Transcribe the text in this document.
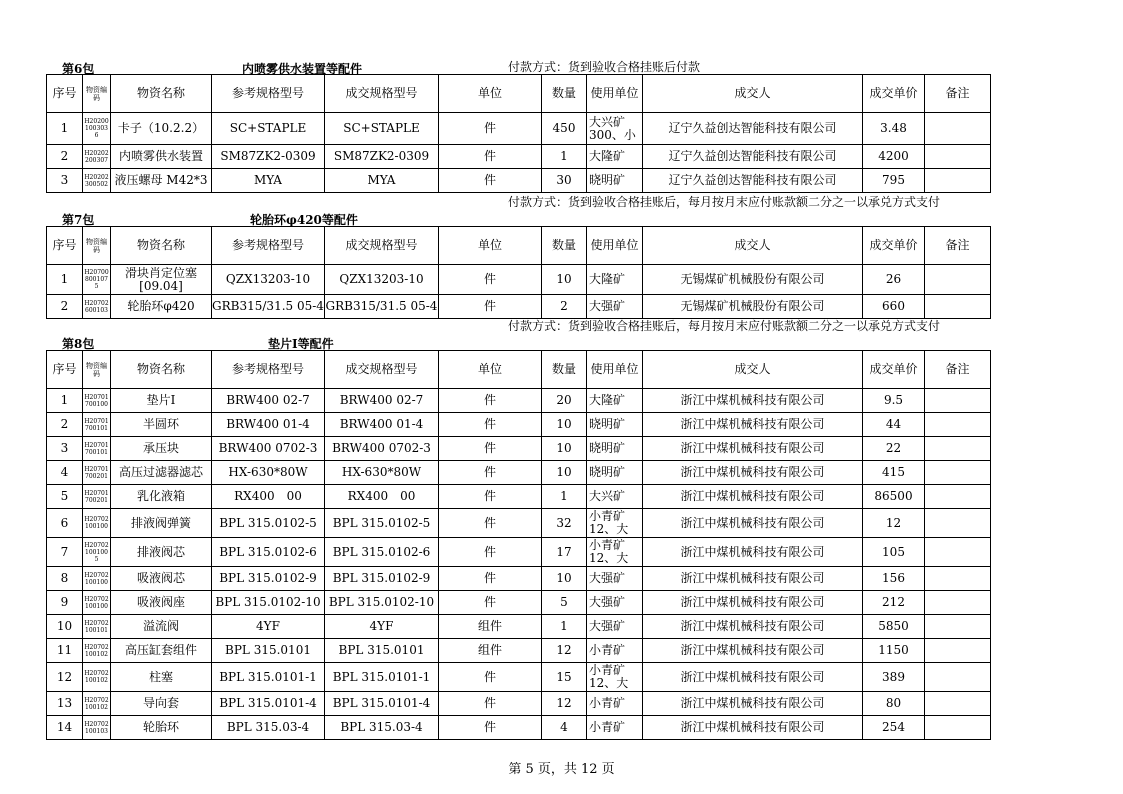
第6包	内喷雾供水装置等配件	付款方式：货到验收合格挂账后付款
序号	物资编码	物资名称	参考规格型号	成交规格型号	单位	数量	使用单位	成交人	成交单价	备注
1	H20200100303 6	卡子（10.2.2）	SC+STAPLE	SC+STAPLE	件	450	大兴矿 300、小	辽宁久益创达智能科技有限公司	3.48	
2	H20202200307	内喷雾供水装置	SM87ZK2-0309	SM87ZK2-0309	件	1	大隆矿	辽宁久益创达智能科技有限公司	4200	
3	H20202300502	液压螺母 M42*3	MYA	MYA	件	30	晓明矿	辽宁久益创达智能科技有限公司	795	
第7包	轮胎环φ420等配件
付款方式：货到验收合格挂账后，每月按月末应付账款额二分之一以承兑方式支付
序号	物资编码	物资名称	参考规格型号	成交规格型号	单位	数量	使用单位	成交人	成交单价	备注
1	H20700800107 5	滑块肖定位塞[09.04]	QZX13203-10	QZX13203-10	件	10	大隆矿	无锡煤矿机械股份有限公司	26	
2	H20702600103	轮胎环φ420	GRB315/31.5 05-4	GRB315/31.5 05-4	件	2	大强矿	无锡煤矿机械股份有限公司	660	
第8包	垫片Ⅰ等配件
付款方式：货到验收合格挂账后，每月按月末应付账款额二分之一以承兑方式支付
序号	物资编码	物资名称	参考规格型号	成交规格型号	单位	数量	使用单位	成交人	成交单价	备注
1	H20701700100	垫片Ⅰ	BRW400 02-7	BRW400 02-7	件	20	大隆矿	浙江中煤机械科技有限公司	9.5	
2	H20701700101	半圆环	BRW400 01-4	BRW400 01-4	件	10	晓明矿	浙江中煤机械科技有限公司	44	
3	H20701700101	承压块	BRW400 0702-3	BRW400 0702-3	件	10	晓明矿	浙江中煤机械科技有限公司	22	
4	H20701700201	高压过滤器滤芯	HX-630*80W	HX-630*80W	件	10	晓明矿	浙江中煤机械科技有限公司	415	
5	H20701700201	乳化液箱	RX400　00	RX400　00	件	1	大兴矿	浙江中煤机械科技有限公司	86500	
6	H20702100100	排液阀弹簧	BPL 315.0102-5	BPL 315.0102-5	件	32	小青矿 12、大	浙江中煤机械科技有限公司	12	
7	H20702100100 5	排液阀芯	BPL 315.0102-6	BPL 315.0102-6	件	17	小青矿 12、大	浙江中煤机械科技有限公司	105	
8	H20702100100	吸液阀芯	BPL 315.0102-9	BPL 315.0102-9	件	10	大强矿	浙江中煤机械科技有限公司	156	
9	H20702100100	吸液阀座	BPL 315.0102-10	BPL 315.0102-10	件	5	大强矿	浙江中煤机械科技有限公司	212	
10	H20702100101	溢流阀	4YF	4YF	组件	1	大强矿	浙江中煤机械科技有限公司	5850	
11	H20702100102	高压缸套组件	BPL 315.0101	BPL 315.0101	组件	12	小青矿	浙江中煤机械科技有限公司	1150	
12	H20702100102	柱塞	BPL 315.0101-1	BPL 315.0101-1	件	15	小青矿 12、大	浙江中煤机械科技有限公司	389	
13	H20702100102	导向套	BPL 315.0101-4	BPL 315.0101-4	件	12	小青矿	浙江中煤机械科技有限公司	80	
14	H20702100103	轮胎环	BPL 315.03-4	BPL 315.03-4	件	4	小青矿	浙江中煤机械科技有限公司	254	
第 5 页，共 12 页
